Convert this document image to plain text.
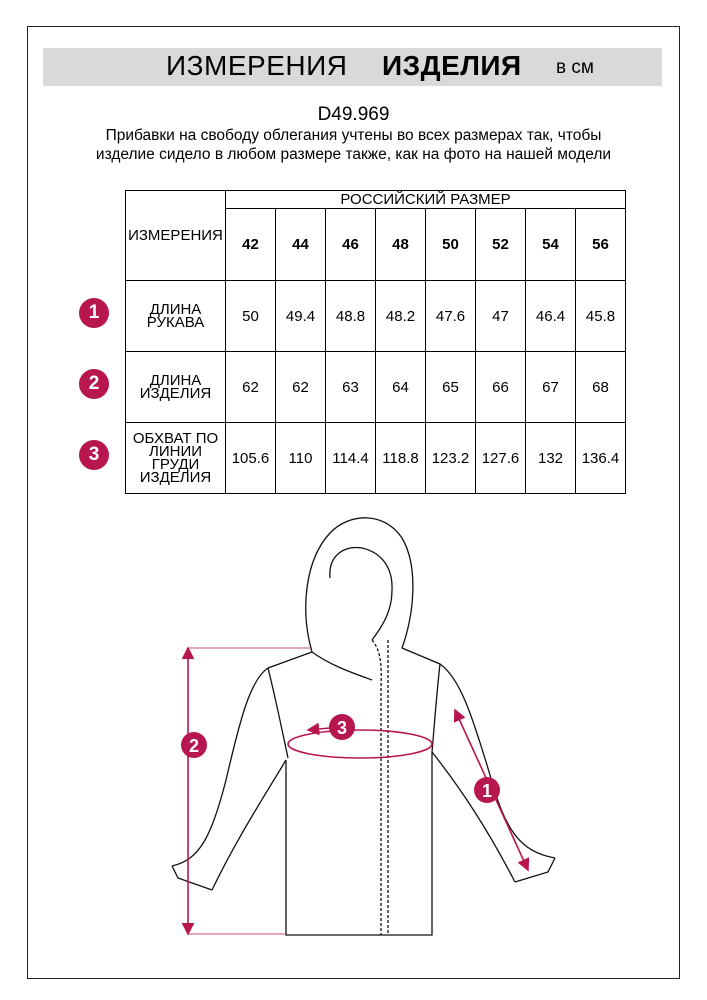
ИЗМЕРЕНИЯ ИЗДЕЛИЯ в см
D49.969
Прибавки на свободу облегания учтены во всех размерах так, чтобы изделие сидело в любом размере также, как на фото на нашей модели
ИЗМЕРЕНИЯ	РОССИЙСКИЙ РАЗМЕР							
	42	44	46	48	50	52	54	56
ДЛИНА РУКАВА	50	49.4	48.8	48.2	47.6	47	46.4	45.8
ДЛИНА ИЗДЕЛИЯ	62	62	63	64	65	66	67	68
ОБХВАТ ПО ЛИНИИ ГРУДИ ИЗДЕЛИЯ	105.6	110	114.4	118.8	123.2	127.6	132	136.4
1
2
3
2
3
1
